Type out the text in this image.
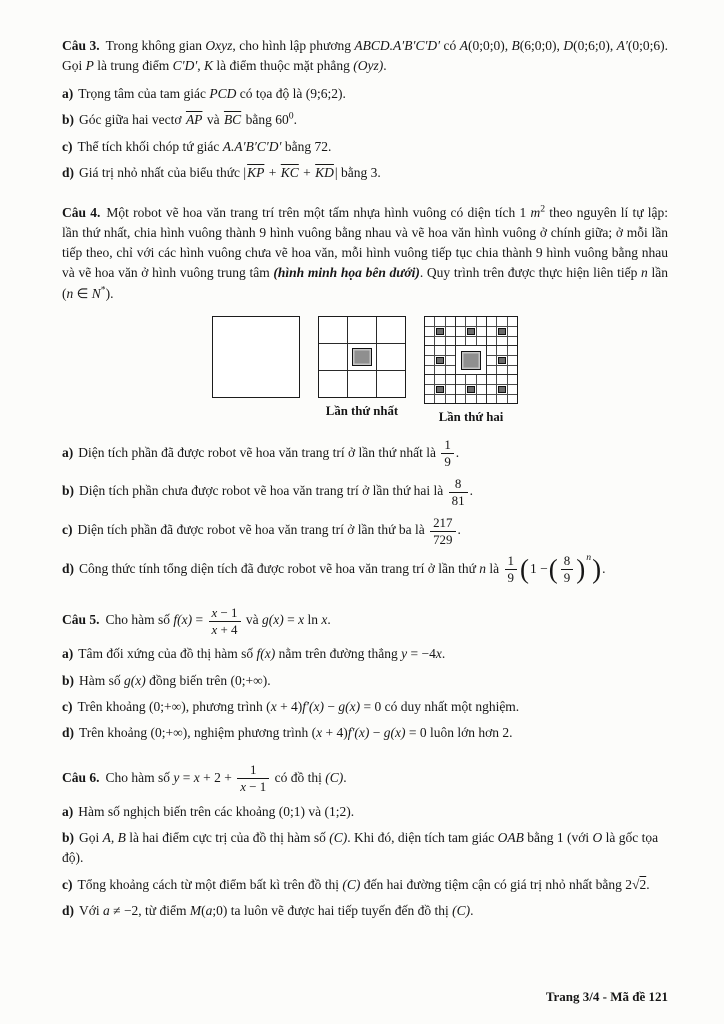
Câu 3. Trong không gian Oxyz, cho hình lập phương ABCD.A′B′C′D′ có A(0;0;0), B(6;0;0), D(0;6;0), A′(0;0;6). Gọi P là trung điểm C′D′, K là điểm thuộc mặt phẳng (Oyz).

a) Trọng tâm của tam giác PCD có tọa độ là (9;6;2).

b) Góc giữa hai vectơ $\overline{AP}$ và $\overline{BC}$ bằng $60^0$.

c) Thể tích khối chóp tứ giác A.A′B′C′D′ bằng 72.

d) Giá trị nhỏ nhất của biểu thức $|\overline{KP} + \overline{KC} + \overline{KD}|$ bằng 3.

Câu 4. Một robot vẽ hoa văn trang trí trên một tấm nhựa hình vuông có diện tích 1 $m^2$ theo nguyên lí tự lập: lần thứ nhất, chia hình vuông thành 9 hình vuông bằng nhau và vẽ hoa văn hình vuông ở chính giữa; ở mỗi lần tiếp theo, chỉ với các hình vuông chưa vẽ hoa văn, mỗi hình vuông tiếp tục chia thành 9 hình vuông bằng nhau và vẽ hoa văn ở hình vuông trung tâm (hình minh họa bên dưới). Quy trình trên được thực hiện liên tiếp n lần (n ∈ N*).

Lần thứ nhất	Lần thứ hai

a) Diện tích phần đã được robot vẽ hoa văn trang trí ở lần thứ nhất là $\frac{1}{9}$ .

b) Diện tích phần chưa được robot vẽ hoa văn trang trí ở lần thứ hai là $\frac{8}{81}$ .

c) Diện tích phần đã được robot vẽ hoa văn trang trí ở lần thứ ba là $\frac{217}{729}$ .

d) Công thức tính tổng diện tích đã được robot vẽ hoa văn trang trí ở lần thứ n là $\frac{1}{9}$ ( 1 − ( $\frac{8}{9} )^n$ ) .

Câu 5. Cho hàm số $f(x) = \frac{x - 1}{x + 4}$ và g(x) = x ln x.

a) Tâm đối xứng của đồ thị hàm số f(x) nằm trên đường thẳng y = −4x.

b) Hàm số g(x) đồng biến trên (0;+∞).

c) Trên khoảng (0;+∞), phương trình (x + 4)f′(x) − g(x) = 0 có duy nhất một nghiệm.

d) Trên khoảng (0;+∞), nghiệm phương trình (x + 4)f′(x) − g(x) = 0 luôn lớn hơn 2.

Câu 6. Cho hàm số $y = x + 2 + \frac{1}{x - 1}$ có đồ thị (C).

a) Hàm số nghịch biến trên các khoảng (0;1) và (1;2).

b) Gọi A, B là hai điểm cực trị của đồ thị hàm số (C). Khi đó, diện tích tam giác OAB bằng 1 (với O là gốc tọa độ).

c) Tổng khoảng cách từ một điểm bất kì trên đồ thị (C) đến hai đường tiệm cận có giá trị nhỏ nhất bằng 2√2.

d) Với a ≠ −2, từ điểm M(a;0) ta luôn vẽ được hai tiếp tuyến đến đồ thị (C).

Trang 3/4 - Mã đề 121
